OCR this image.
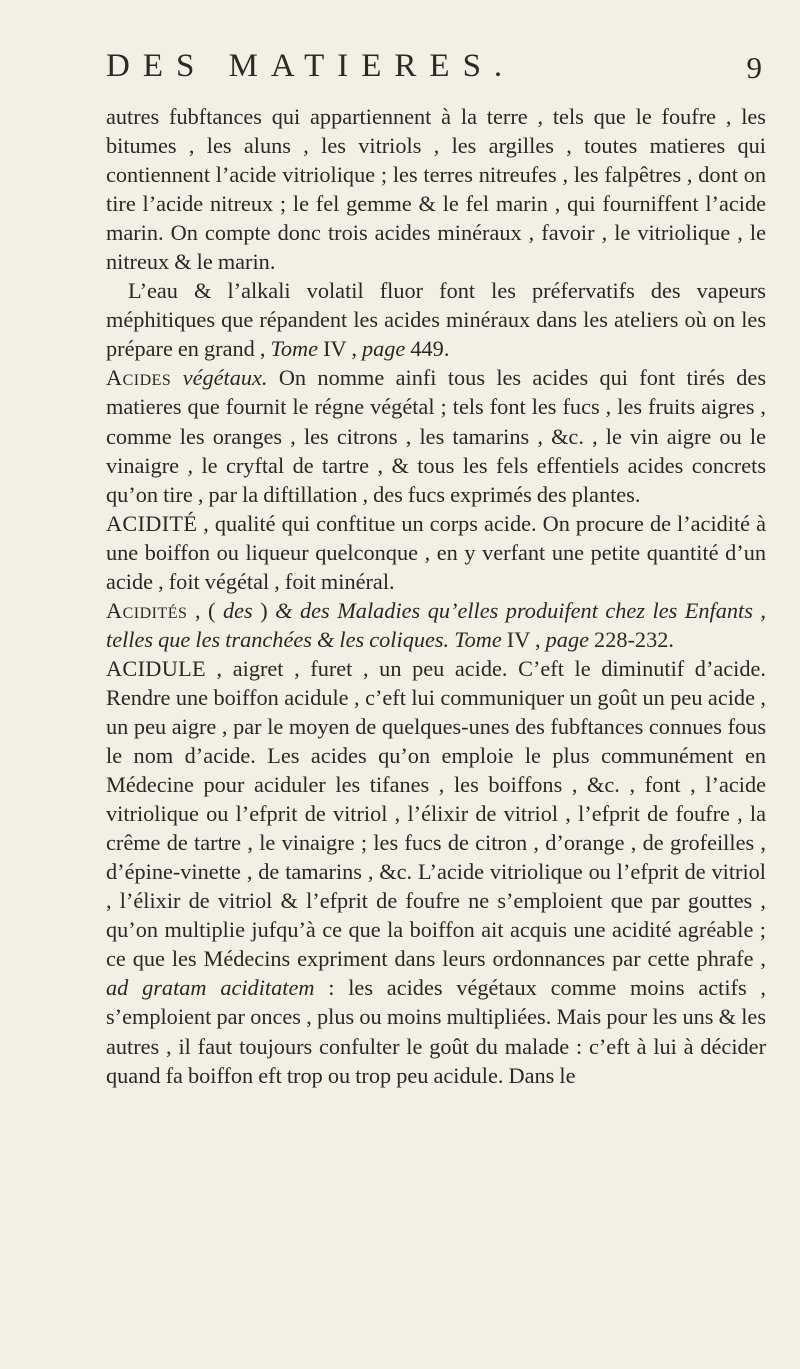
DES MATIERES.	9

autres fubftances qui appartiennent à la terre , tels que le foufre , les bitumes , les aluns , les vitriols , les argilles , toutes matieres qui contiennent l’acide vitriolique ; les terres nitreufes , les falpêtres , dont on tire l’acide nitreux ; le fel gemme & le fel marin , qui fourniffent l’acide marin. On compte donc trois acides minéraux , favoir , le vitriolique , le nitreux & le marin.

L’eau & l’alkali volatil fluor font les préfervatifs des vapeurs méphitiques que répandent les acides minéraux dans les ateliers où on les prépare en grand , Tome IV , page 449.

Acides végétaux. On nomme ainfi tous les acides qui font tirés des matieres que fournit le régne végétal ; tels font les fucs , les fruits aigres , comme les oranges , les citrons , les tamarins , &c. , le vin aigre ou le vinaigre , le cryftal de tartre , & tous les fels effentiels acides concrets qu’on tire , par la diftillation , des fucs exprimés des plantes.

ACIDITÉ , qualité qui conftitue un corps acide. On procure de l’acidité à une boiffon ou liqueur quelconque , en y verfant une petite quantité d’un acide , foit végétal , foit minéral.

Acidités , ( des ) & des Maladies qu’elles produifent chez les Enfants , telles que les tranchées & les coliques. Tome IV , page 228-232.

ACIDULE , aigret , furet , un peu acide. C’eft le diminutif d’acide. Rendre une boiffon acidule , c’eft lui communiquer un goût un peu acide , un peu aigre , par le moyen de quelques-unes des fubftances connues fous le nom d’acide. Les acides qu’on emploie le plus communément en Médecine pour aciduler les tifanes , les boiffons , &c. , font , l’acide vitriolique ou l’efprit de vitriol , l’élixir de vitriol , l’efprit de foufre , la crême de tartre , le vinaigre ; les fucs de citron , d’orange , de grofeilles , d’épine-vinette , de tamarins , &c. L’acide vitriolique ou l’efprit de vitriol , l’élixir de vitriol & l’efprit de foufre ne s’emploient que par gouttes , qu’on multiplie jufqu’à ce que la boiffon ait acquis une acidité agréable ; ce que les Médecins expriment dans leurs ordonnances par cette phrafe , ad gratam aciditatem : les acides végétaux comme moins actifs , s’emploient par onces , plus ou moins multipliées. Mais pour les uns & les autres , il faut toujours confulter le goût du malade : c’eft à lui à décider quand fa boiffon eft trop ou trop peu acidule. Dans le
